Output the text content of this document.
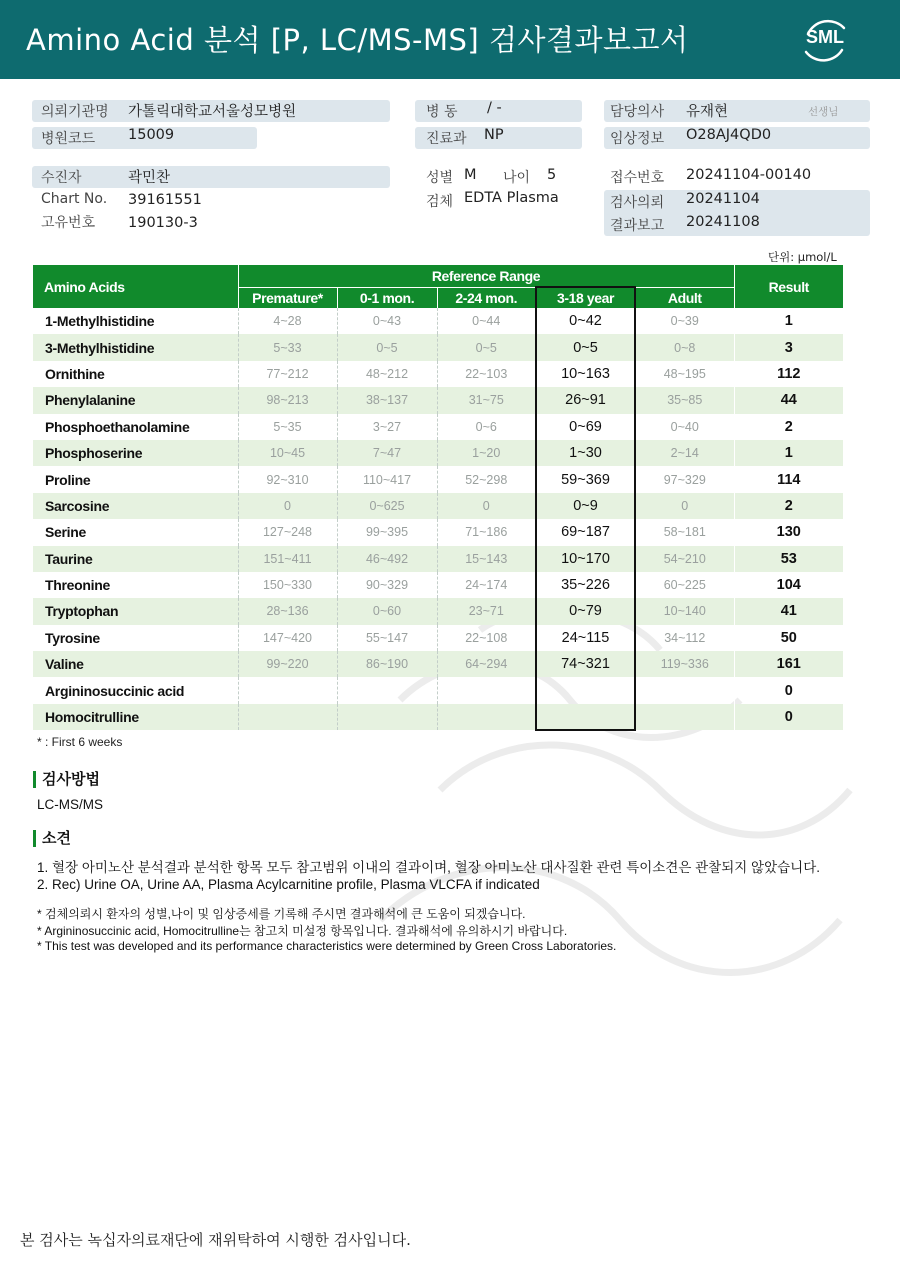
Amino Acid 분석 [P, LC/MS-MS] 검사결과보고서	SML
의뢰기관명 가톨릭대학교서울성모병원
병원코드 15009
병 동 / -
진료과 NP
담당의사 유재현	선생님
임상정보 O28AJ4QD0
수진자	곽민찬
Chart No. 39161551
고유번호 190130-3
성별 M 나이 5
검체 EDTA Plasma
접수번호 20241104-00140
검사의뢰 20241104
결과보고 20241108
단위: μmol/L
Amino Acids	Reference Range					Result
	Premature*	0-1 mon.	2-24 mon.	3-18 year	Adult	
1-Methylhistidine	4~28	0~43	0~44	0~42	0~39	1
3-Methylhistidine	5~33	0~5	0~5	0~5	0~8	3
Ornithine	77~212	48~212	22~103	10~163	48~195	112
Phenylalanine	98~213	38~137	31~75	26~91	35~85	44
Phosphoethanolamine	5~35	3~27	0~6	0~69	0~40	2
Phosphoserine	10~45	7~47	1~20	1~30	2~14	1
Proline	92~310	110~417	52~298	59~369	97~329	114
Sarcosine	0	0~625	0	0~9	0	2
Serine	127~248	99~395	71~186	69~187	58~181	130
Taurine	151~411	46~492	15~143	10~170	54~210	53
Threonine	150~330	90~329	24~174	35~226	60~225	104
Tryptophan	28~136	0~60	23~71	0~79	10~140	41
Tyrosine	147~420	55~147	22~108	24~115	34~112	50
Valine	99~220	86~190	64~294	74~321	119~336	161
Argininosuccinic acid						0
Homocitrulline						0
* : First 6 weeks
검사방법
LC-MS/MS
소견
1. 혈장 아미노산 분석결과 분석한 항목 모두 참고범위 이내의 결과이며, 혈장 아미노산 대사질환 관련 특이소견은 관찰되지 않았습니다.
2. Rec) Urine OA, Urine AA, Plasma Acylcarnitine profile, Plasma VLCFA if indicated
* 검체의뢰시 환자의 성별,나이 및 임상증세를 기록해 주시면 결과해석에 큰 도움이 되겠습니다.
* Argininosuccinic acid, Homocitrulline는 참고치 미설정 항목입니다. 결과해석에 유의하시기 바랍니다.
* This test was developed and its performance characteristics were determined by Green Cross Laboratories.
본 검사는 녹십자의료재단에 재위탁하여 시행한 검사입니다.
